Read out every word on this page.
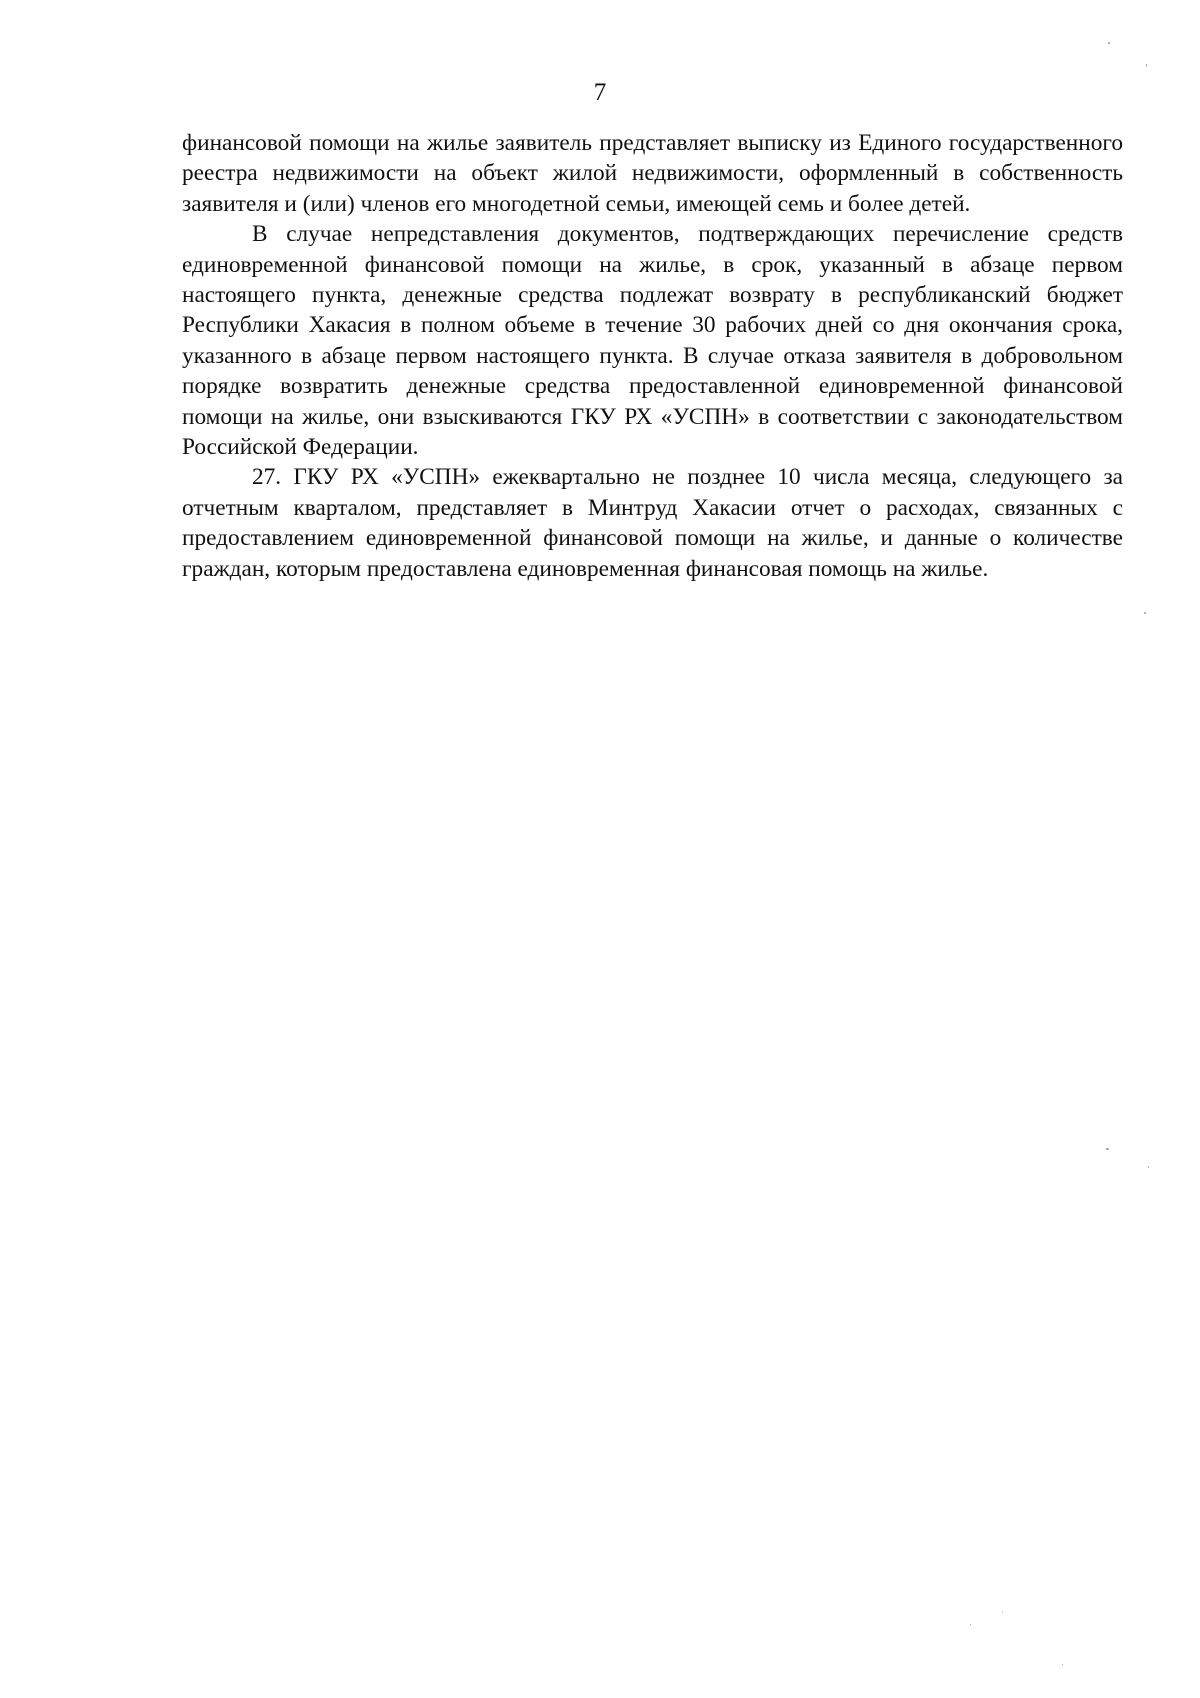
7

финансовой помощи на жилье заявитель представляет выписку из Единого государственного реестра недвижимости на объект жилой недвижимости, оформленный в собственность заявителя и (или) членов его многодетной семьи, имеющей семь и более детей.

В случае непредставления документов, подтверждающих перечисление средств единовременной финансовой помощи на жилье, в срок, указанный в абзаце первом настоящего пункта, денежные средства подлежат возврату в республиканский бюджет Республики Хакасия в полном объеме в течение 30 рабочих дней со дня окончания срока, указанного в абзаце первом настоящего пункта. В случае отказа заявителя в добровольном порядке возвратить денежные средства предоставленной единовременной финансовой помощи на жилье, они взыскиваются ГКУ РХ «УСПН» в соответствии с законодательством Российской Федерации.

27. ГКУ РХ «УСПН» ежеквартально не позднее 10 числа месяца, следующего за отчетным кварталом, представляет в Минтруд Хакасии отчет о расходах, связанных с предоставлением единовременной финансовой помощи на жилье, и данные о количестве граждан, которым предоставлена единовременная финансовая помощь на жилье.
